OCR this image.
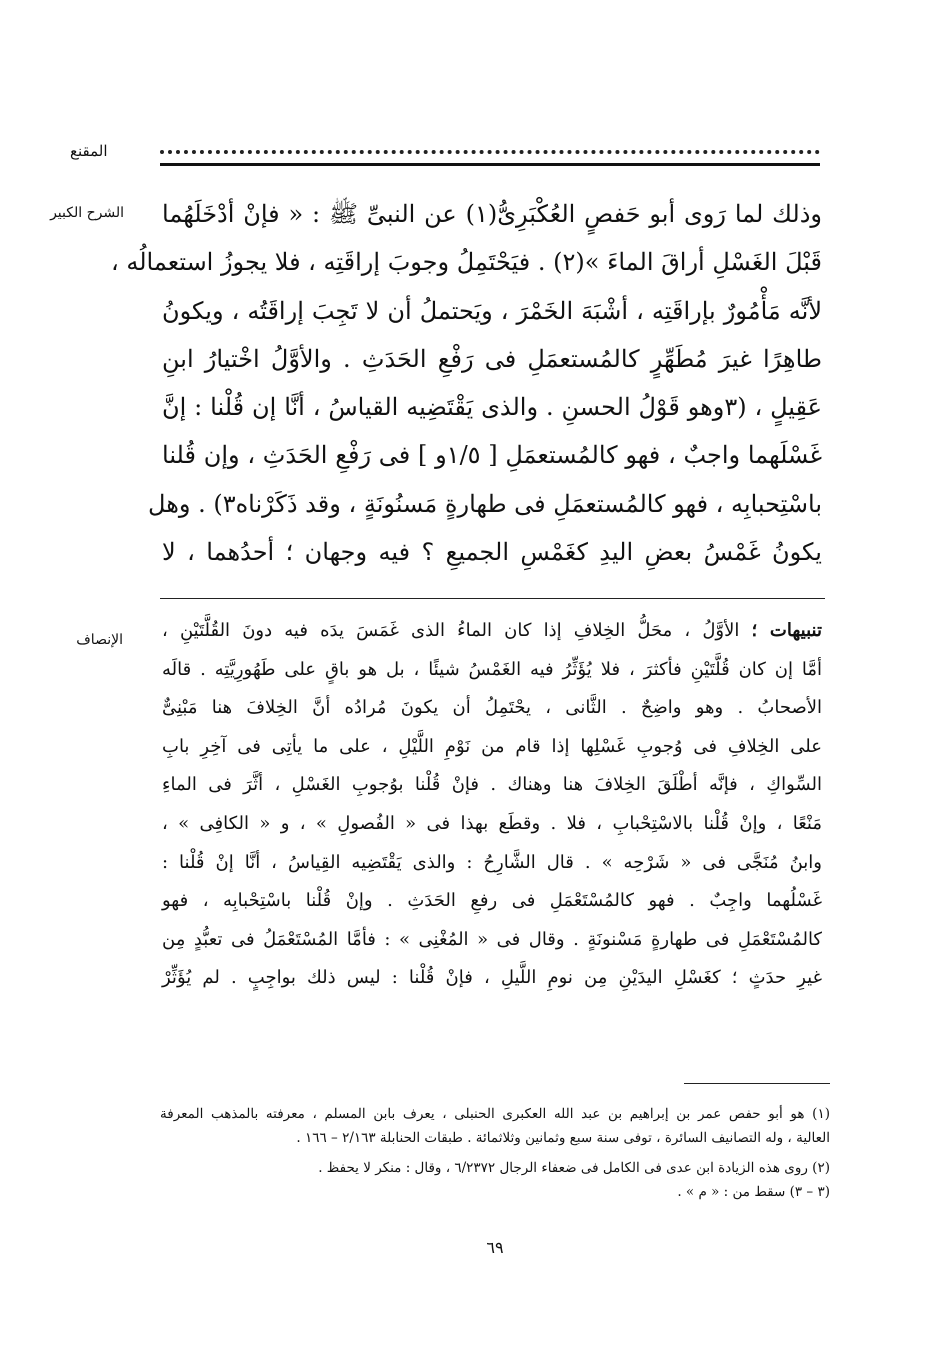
المقنع
الشرح الكبير وذلك لما رَوى أبو حَفصٍ العُكْبَرِىُّ(١) عن النبىِّ ﷺ : « فإنْ أدْخَلَهُما
قَبْلَ الغَسْلِ أراقَ الماءَ »(٢) . فيَحْتَمِلُ وجوبَ إراقَتِه ، فلا يجوزُ استعمالُه ،
لأنَّه مَأْمُورٌ بإراقَتِه ، أشْبَهَ الخَمْرَ ، ويَحتملُ أن لا تَجِبَ إراقَتُه ، ويكونُ
طاهِرًا غيرَ مُطَهِّرٍ كالمُستعمَلِ فى رَفْعِ الحَدَثِ . والأوَّلُ اخْتيارُ ابنِ
عَقِيلٍ ، (٣وهو قَوْلُ الحسنِ . والذى يَقْتَضِيه القياسُ ، أنَّا إن قُلْنا : إنَّ
غَسْلَهما واجبٌ ، فهو كالمُستعمَلِ [ ١/٥و ] فى رَفْعِ الحَدَثِ ، وإن قُلنا
باسْتِحبابِه ، فهو كالمُستعمَلِ فى طهارةٍ مَسنُونَةٍ ، وقد ذَكَرْناه٣) . وهل
يكونُ غَمْسُ بعضِ اليدِ كغَمْسِ الجميعِ ؟ فيه وجهان ؛ أحدُهما ، لا
الإنصاف	تنبيهات ؛ الأوَّلُ ، محَلُّ الخِلافِ إذا كان الماءُ الذى غَمَسَ يدَه فيه دونَ القُلَّتَيْنِ ،
أمَّا إن كان قُلَّتَيْنِ فأكثرَ ، فلا يُؤَثِّرُ فيه الغَمْسُ شيئًا ، بل هو باقٍ على طَهُورِيَّتِه . قالَه
الأصحابُ . وهو واضِحٌ . الثَّانى ، يحْتَمِلُ أن يكونَ مُرادُه أنَّ الخِلافَ هنا مَبْنِىٌّ
على الخِلافِ فى وُجوبِ غَسْلِها إذا قام من نَوْمِ اللَّيْلِ ، على ما يأتِى فى آخِرِ بابِ
السِّواكِ ، فإنَّه أطْلَقَ الخِلافَ هنا وهناك . فإنْ قُلْنا بوُجوبِ الغَسْلِ ، أثَّرَ فى الماءِ
مَنْعًا ، وإنْ قُلْنا بالاسْتِحْبابِ ، فلا . وقطَع بهذا فى « الفُصولِ » ، و « الكافِى » ،
وابنُ مُنَجَّى فى « شَرْحِه » . قال الشَّارِحُ : والذى يَقْتَضِيه القِياسُ ، أنَّا إنْ قُلْنا :
غَسْلُهما واجِبٌ . فهو كالمُسْتَعْمَلِ فى رفعِ الحَدَثِ . وإنْ قُلْنا باسْتِحْبابِه ، فهو
كالمُسْتَعْمَلِ فى طهارةٍ مَسْنونَةٍ . وقال فى « المُغْنِى » : فأمَّا المُسْتَعْمَلُ فى تعبُّدٍ مِن
غيرِ حدَثٍ ؛ كغَسْلِ اليدَيْنِ مِن نومِ اللَّيلِ ، فإنْ قُلْنا : ليس ذلك بواجِبٍ . لم يُؤَثِّرْ
(١) هو أبو حفص عمر بن إبراهيم بن عبد الله العكبرى الحنبلى ، يعرف بابن المسلم ، معرفته بالمذهب المعرفة
العالية ، وله التصانيف السائرة ، توفى سنة سبع وثمانين وثلاثمائة . طبقات الحنابلة ٢/١٦٣ – ١٦٦ .
(٢) روى هذه الزيادة ابن عدى فى الكامل فى ضعفاء الرجال ٦/٢٣٧٢ ، وقال : منكر لا يحفظ .
(٣ – ٣) سقط من : « م » .
٦٩
